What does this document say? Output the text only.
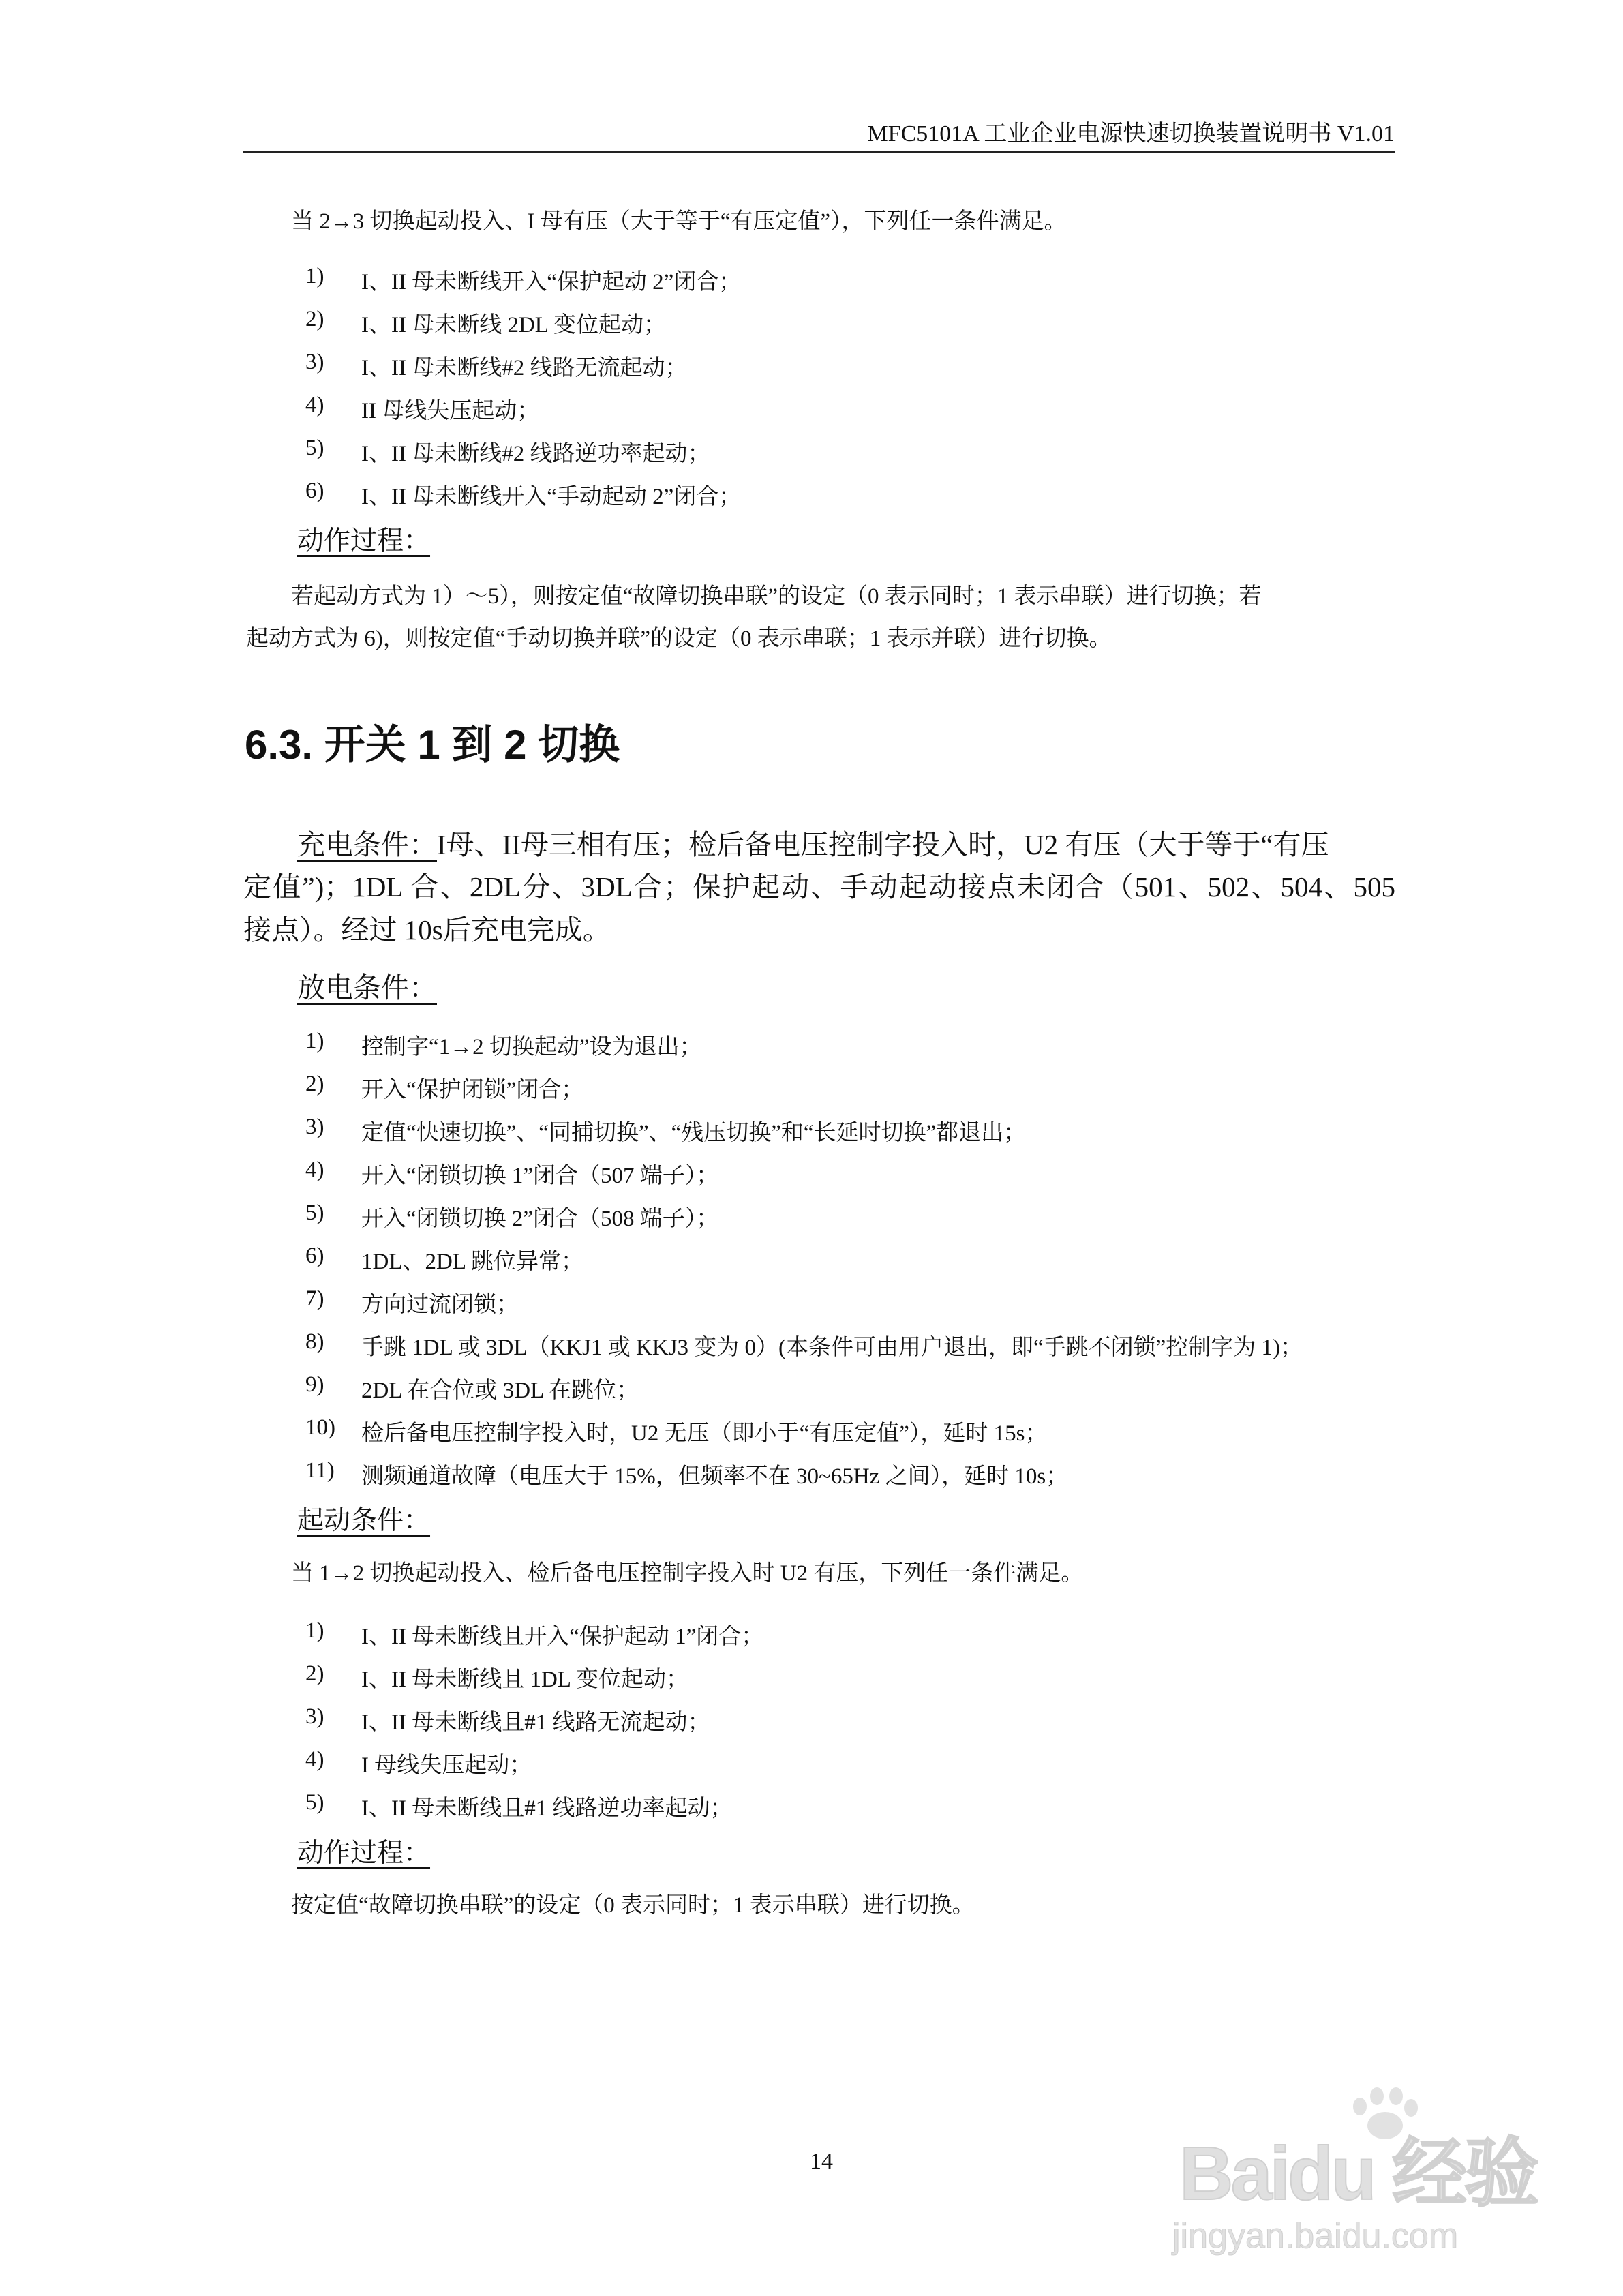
MFC5101A 工业企业电源快速切换装置说明书 V1.01
当 2→3 切换起动投入、I 母有压（大于等于“有压定值”），下列任一条件满足。
1) I、II 母未断线开入“保护起动 2”闭合；
2) I、II 母未断线 2DL 变位起动；
3) I、II 母未断线#2 线路无流起动；
4) II 母线失压起动；
5) I、II 母未断线#2 线路逆功率起动；
6) I、II 母未断线开入“手动起动 2”闭合；
动作过程：
若起动方式为 1）～5），则按定值“故障切换串联”的设定（0 表示同时；1 表示串联）进行切换；若
起动方式为 6)，则按定值“手动切换并联”的设定（0 表示串联；1 表示并联）进行切换。
6.3. 开关 1 到 2 切换
充电条件：I母、II母三相有压；检后备电压控制字投入时，U2 有压（大于等于“有压
定值”)；1DL 合、2DL分、3DL合；保护起动、手动起动接点未闭合（501、502、504、505
接点）。经过 10s后充电完成。
放电条件：
1) 控制字“1→2 切换起动”设为退出；
2) 开入“保护闭锁”闭合；
3) 定值“快速切换”、“同捕切换”、“残压切换”和“长延时切换”都退出；
4) 开入“闭锁切换 1”闭合（507 端子）；
5) 开入“闭锁切换 2”闭合（508 端子）；
6) 1DL、2DL 跳位异常；
7) 方向过流闭锁；
8) 手跳 1DL 或 3DL（KKJ1 或 KKJ3 变为 0）(本条件可由用户退出，即“手跳不闭锁”控制字为 1)；
9) 2DL 在合位或 3DL 在跳位；
10) 检后备电压控制字投入时，U2 无压（即小于“有压定值”），延时 15s；
11) 测频通道故障（电压大于 15%，但频率不在 30~65Hz 之间），延时 10s；
起动条件：
当 1→2 切换起动投入、检后备电压控制字投入时 U2 有压，下列任一条件满足。
1) I、II 母未断线且开入“保护起动 1”闭合；
2) I、II 母未断线且 1DL 变位起动；
3) I、II 母未断线且#1 线路无流起动；
4) I 母线失压起动；
5) I、II 母未断线且#1 线路逆功率起动；
动作过程：
按定值“故障切换串联”的设定（0 表示同时；1 表示串联）进行切换。
14	Baidu 经验
jingyan.baidu.com
